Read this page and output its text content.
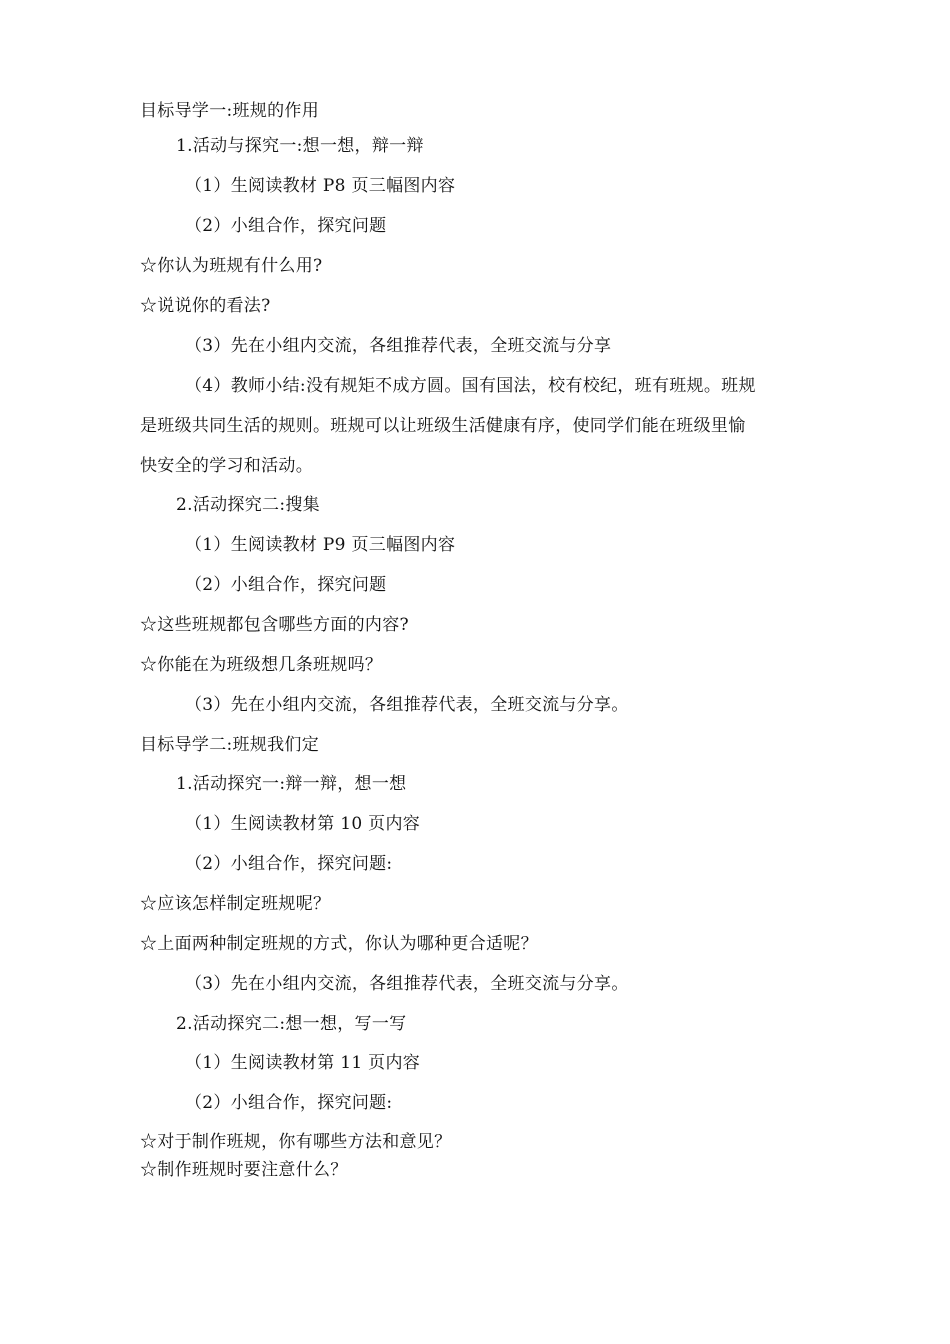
目标导学一:班规的作用
1.活动与探究一:想一想，辩一辩
（1）生阅读教材 P8 页三幅图内容
（2）小组合作，探究问题
☆你认为班规有什么用?
☆说说你的看法?
（3）先在小组内交流，各组推荐代表，全班交流与分享
（4）教师小结:没有规矩不成方圆。国有国法，校有校纪，班有班规。班规
是班级共同生活的规则。班规可以让班级生活健康有序，使同学们能在班级里愉
快安全的学习和活动。
2.活动探究二:搜集
（1）生阅读教材 P9 页三幅图内容
（2）小组合作，探究问题
☆这些班规都包含哪些方面的内容?
☆你能在为班级想几条班规吗？
（3）先在小组内交流，各组推荐代表，全班交流与分享。
目标导学二:班规我们定
1.活动探究一:辩一辩，想一想
（1）生阅读教材第 10 页内容
（2）小组合作，探究问题:
☆应该怎样制定班规呢？
☆上面两种制定班规的方式，你认为哪种更合适呢？
（3）先在小组内交流，各组推荐代表，全班交流与分享。
2.活动探究二:想一想，写一写
（1）生阅读教材第 11 页内容
（2）小组合作，探究问题:
☆对于制作班规，你有哪些方法和意见？
☆制作班规时要注意什么？
